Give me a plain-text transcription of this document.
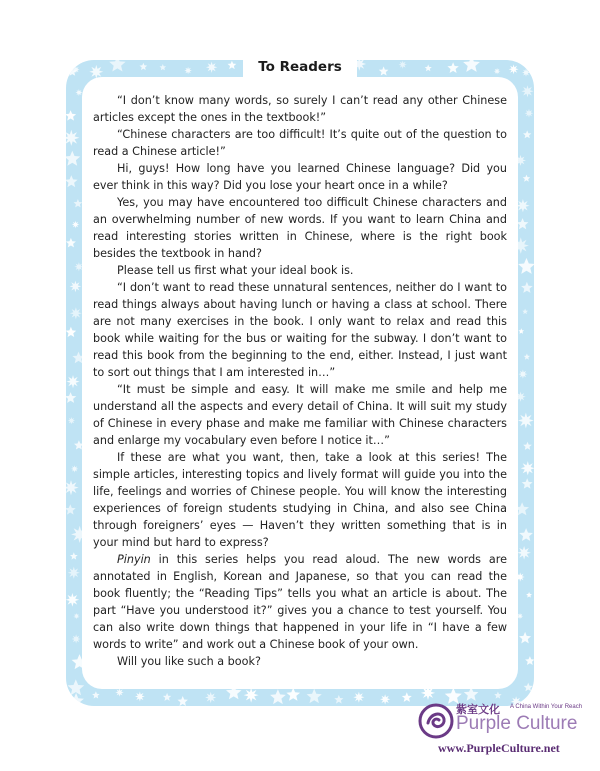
To Readers

“I don’t know many words, so surely I can’t read any other Chinese articles except the ones in the textbook!”

“Chinese characters are too difficult! It’s quite out of the question to read a Chinese article!”

Hi, guys! How long have you learned Chinese language? Did you ever think in this way? Did you lose your heart once in a while?

Yes, you may have encountered too difficult Chinese characters and an overwhelming number of new words. If you want to learn China and read interesting stories written in Chinese, where is the right book besides the textbook in hand?

Please tell us first what your ideal book is.

“I don’t want to read these unnatural sentences, neither do I want to read things always about having lunch or having a class at school. There are not many exercises in the book. I only want to relax and read this book while waiting for the bus or waiting for the subway. I don’t want to read this book from the beginning to the end, either. Instead, I just want to sort out things that I am interested in…”

“It must be simple and easy. It will make me smile and help me understand all the aspects and every detail of China. It will suit my study of Chinese in every phase and make me familiar with Chinese characters and enlarge my vocabulary even before I notice it…”

If these are what you want, then, take a look at this series! The simple articles, interesting topics and lively format will guide you into the life, feelings and worries of Chinese people. You will know the interesting experiences of foreign students studying in China, and also see China through foreigners’ eyes — Haven’t they written something that is in your mind but hard to express?

Pinyin in this series helps you read aloud. The new words are annotated in English, Korean and Japanese, so that you can read the book fluently; the “Reading Tips” tells you what an article is about. The part “Have you understood it?” gives you a chance to test yourself. You can also write down things that happened in your life in “I have a few words to write” and work out a Chinese book of your own.

Will you like such a book?

紫室文化 A China Within Your Reach
Purple Culture
www.PurpleCulture.net
